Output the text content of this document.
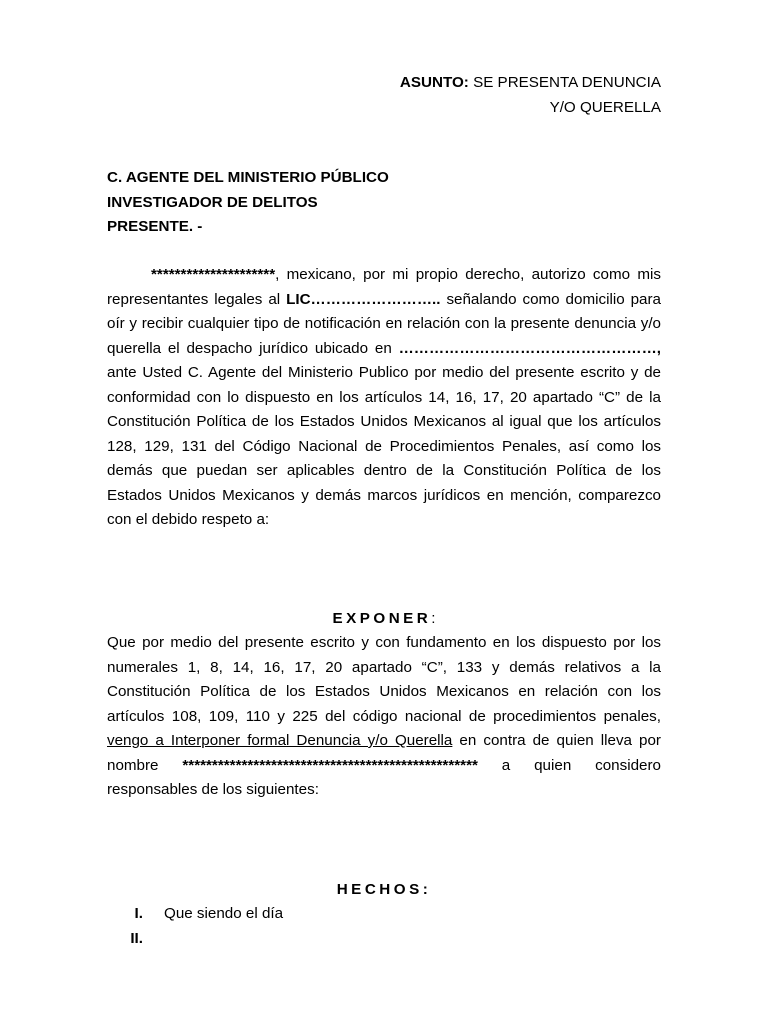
ASUNTO: SE PRESENTA DENUNCIA
Y/O QUERELLA
C. AGENTE DEL MINISTERIO PÚBLICO
INVESTIGADOR DE DELITOS
PRESENTE. -

*********************, mexicano, por mi propio derecho, autorizo como mis representantes legales al LIC…………………….. señalando como domicilio para oír y recibir cualquier tipo de notificación en relación con la presente denuncia y/o querella el despacho jurídico ubicado en ……………………………………………, ante Usted C. Agente del Ministerio Publico por medio del presente escrito y de conformidad con lo dispuesto en los artículos 14, 16, 17, 20 apartado “C” de la Constitución Política de los Estados Unidos Mexicanos al igual que los artículos 128, 129, 131 del Código Nacional de Procedimientos Penales, así como los demás que puedan ser aplicables dentro de la Constitución Política de los Estados Unidos Mexicanos y demás marcos jurídicos en mención, comparezco con el debido respeto a:

EXPONER:

Que por medio del presente escrito y con fundamento en los dispuesto por los numerales 1, 8, 14, 16, 17, 20 apartado “C”, 133 y demás relativos a la Constitución Política de los Estados Unidos Mexicanos en relación con los artículos 108, 109, 110 y 225 del código nacional de procedimientos penales, vengo a Interponer formal Denuncia y/o Querella en contra de quien lleva por nombre ************************************************** a quien considero responsables de los siguientes:

HECHOS:
I.	Que siendo el día
II.
